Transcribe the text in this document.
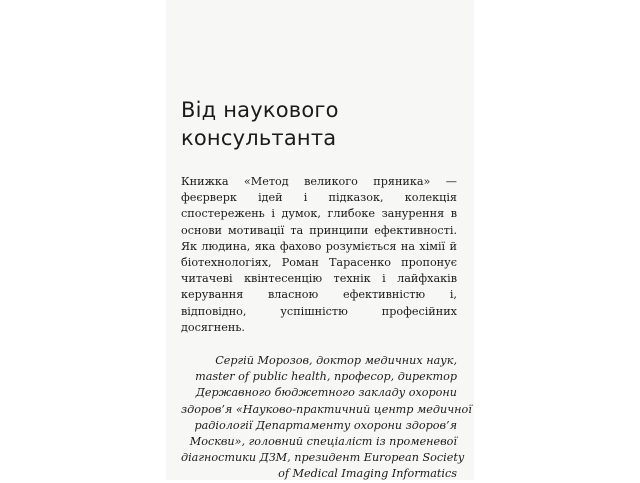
Від наукового консультанта

Книжка «Метод великого пряника» — феєрверк ідей і підказок, колекція спостережень і думок, глибоке занурення в основи мотивації та принципи ефективності. Як людина, яка фахово розуміється на хімії й біотехнологіях, Роман Тарасенко пропонує читачеві квінтесенцію технік і лайфхаків керування власною ефективністю і, відповідно, успішністю професійних досягнень.

Сергій Морозов, доктор медичних наук,
master of public health, професор, директор
Державного бюджетного закладу охорони
здоров’я «Науково-практичний центр медичної
радіології Департаменту охорони здоров’я
Москви», головний спеціаліст із променевої
діагностики ДЗМ, президент European Society
of Medical Imaging Informatics
